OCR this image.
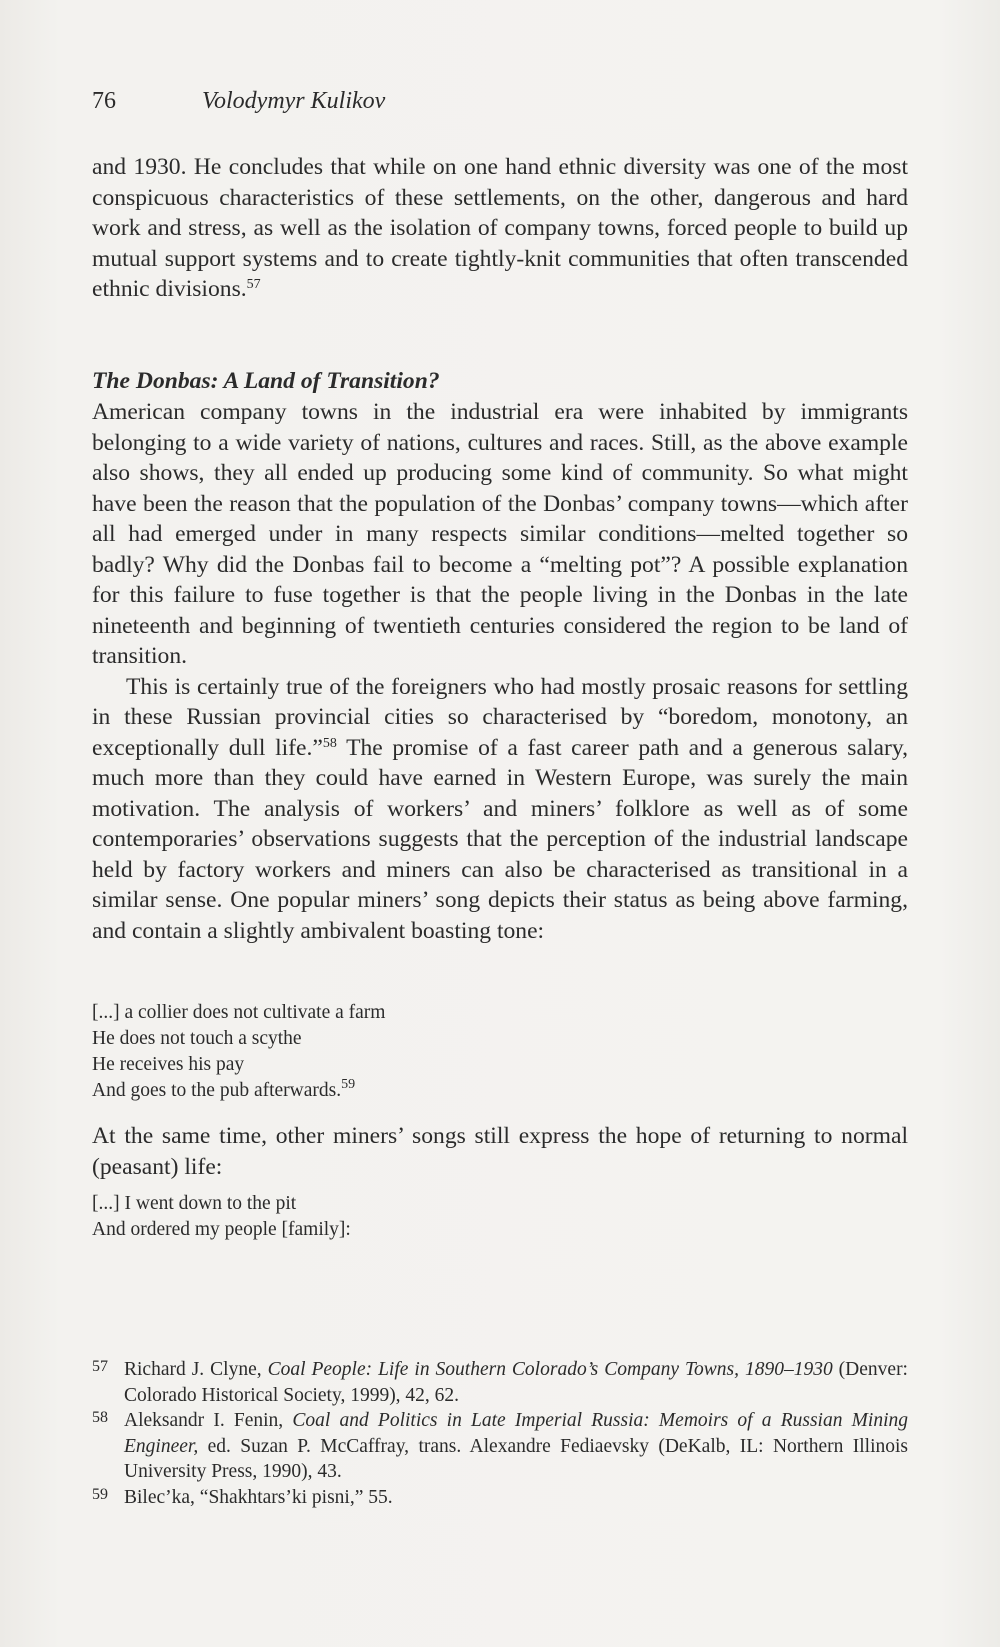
76	Volodymyr Kulikov

and 1930. He concludes that while on one hand ethnic diversity was one of the most conspicuous characteristics of these settlements, on the other, dangerous and hard work and stress, as well as the isolation of company towns, forced people to build up mutual support systems and to create tightly-knit communities that often transcended ethnic divisions.$^{57}$

The Donbas: A Land of Transition?

American company towns in the industrial era were inhabited by immigrants belonging to a wide variety of nations, cultures and races. Still, as the above example also shows, they all ended up producing some kind of community. So what might have been the reason that the population of the Donbas’ company towns—which after all had emerged under in many respects similar conditions—melted together so badly? Why did the Donbas fail to become a “melting pot”? A possible explanation for this failure to fuse together is that the people living in the Donbas in the late nineteenth and beginning of twentieth centuries considered the region to be land of transition.

This is certainly true of the foreigners who had mostly prosaic reasons for settling in these Russian provincial cities so characterised by “boredom, monotony, an exceptionally dull life.”$^{58}$ The promise of a fast career path and a generous salary, much more than they could have earned in Western Europe, was surely the main motivation. The analysis of workers’ and miners’ folklore as well as of some contemporaries’ observations suggests that the perception of the industrial landscape held by factory workers and miners can also be characterised as transitional in a similar sense. One popular miners’ song depicts their status as being above farming, and contain a slightly ambivalent boasting tone:

[...] a collier does not cultivate a farm
He does not touch a scythe
He receives his pay
And goes to the pub afterwards.$^{59}$

At the same time, other miners’ songs still express the hope of returning to normal (peasant) life:

[...] I went down to the pit
And ordered my people [family]:
57 Richard J. Clyne, Coal People: Life in Southern Colorado’s Company Towns, 1890–1930 (Denver: Colorado Historical Society, 1999), 42, 62.
58 Aleksandr I. Fenin, Coal and Politics in Late Imperial Russia: Memoirs of a Russian Mining Engineer, ed. Suzan P. McCaffray, trans. Alexandre Fediaevsky (DeKalb, IL: Northern Illinois University Press, 1990), 43.
59 Bilec’ka, “Shakhtars’ki pisni,” 55.
